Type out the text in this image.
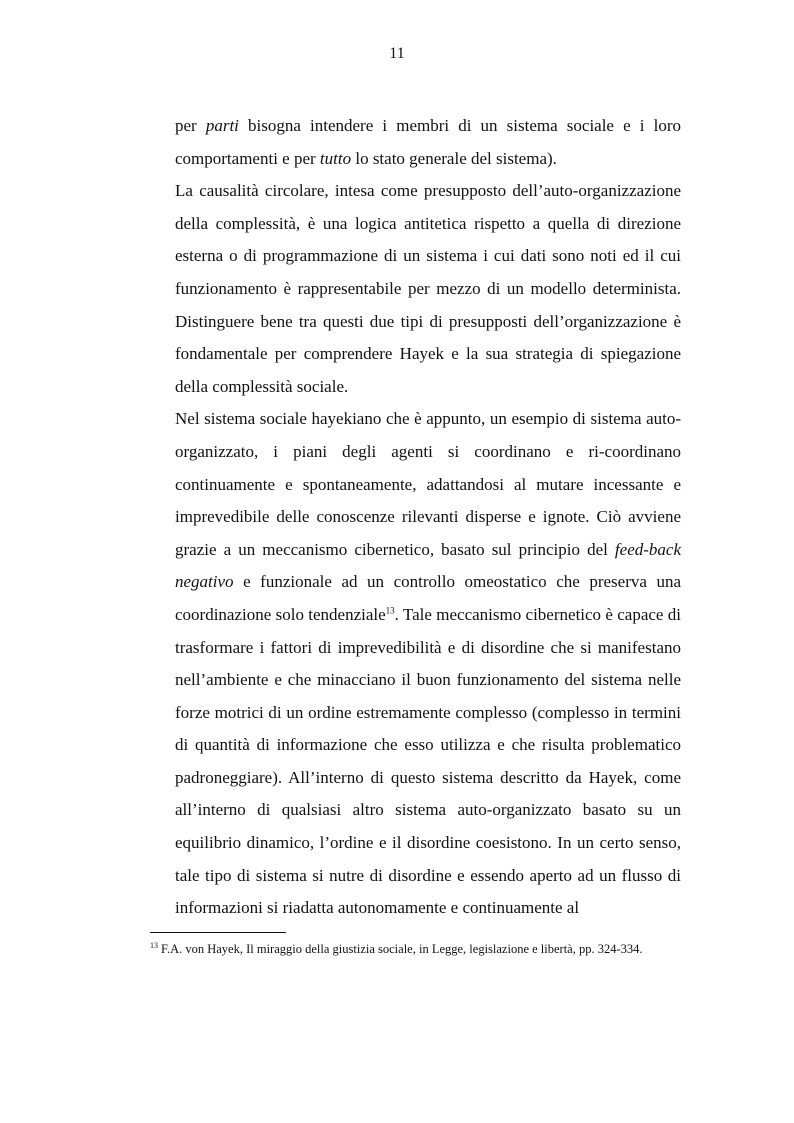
11

per parti bisogna intendere i membri di un sistema sociale e i loro comportamenti e per tutto lo stato generale del sistema).

La causalità circolare, intesa come presupposto dell’auto-organizzazione della complessità, è una logica antitetica rispetto a quella di direzione esterna o di programmazione di un sistema i cui dati sono noti ed il cui funzionamento è rappresentabile per mezzo di un modello determinista. Distinguere bene tra questi due tipi di presupposti dell’organizzazione è fondamentale per comprendere Hayek e la sua strategia di spiegazione della complessità sociale.

Nel sistema sociale hayekiano che è appunto, un esempio di sistema auto-organizzato, i piani degli agenti si coordinano e ri-coordinano continuamente e spontaneamente, adattandosi al mutare incessante e imprevedibile delle conoscenze rilevanti disperse e ignote. Ciò avviene grazie a un meccanismo cibernetico, basato sul principio del feed-back negativo e funzionale ad un controllo omeostatico che preserva una coordinazione solo tendenziale$^{13}$. Tale meccanismo cibernetico è capace di trasformare i fattori di imprevedibilità e di disordine che si manifestano nell’ambiente e che minacciano il buon funzionamento del sistema nelle forze motrici di un ordine estremamente complesso (complesso in termini di quantità di informazione che esso utilizza e che risulta problematico padroneggiare). All’interno di questo sistema descritto da Hayek, come all’interno di qualsiasi altro sistema auto-organizzato basato su un equilibrio dinamico, l’ordine e il disordine coesistono. In un certo senso, tale tipo di sistema si nutre di disordine e essendo aperto ad un flusso di informazioni si riadatta autonomamente e continuamente al

$^{13}$ F.A. von Hayek, Il miraggio della giustizia sociale, in Legge, legislazione e libertà, pp. 324-334.
